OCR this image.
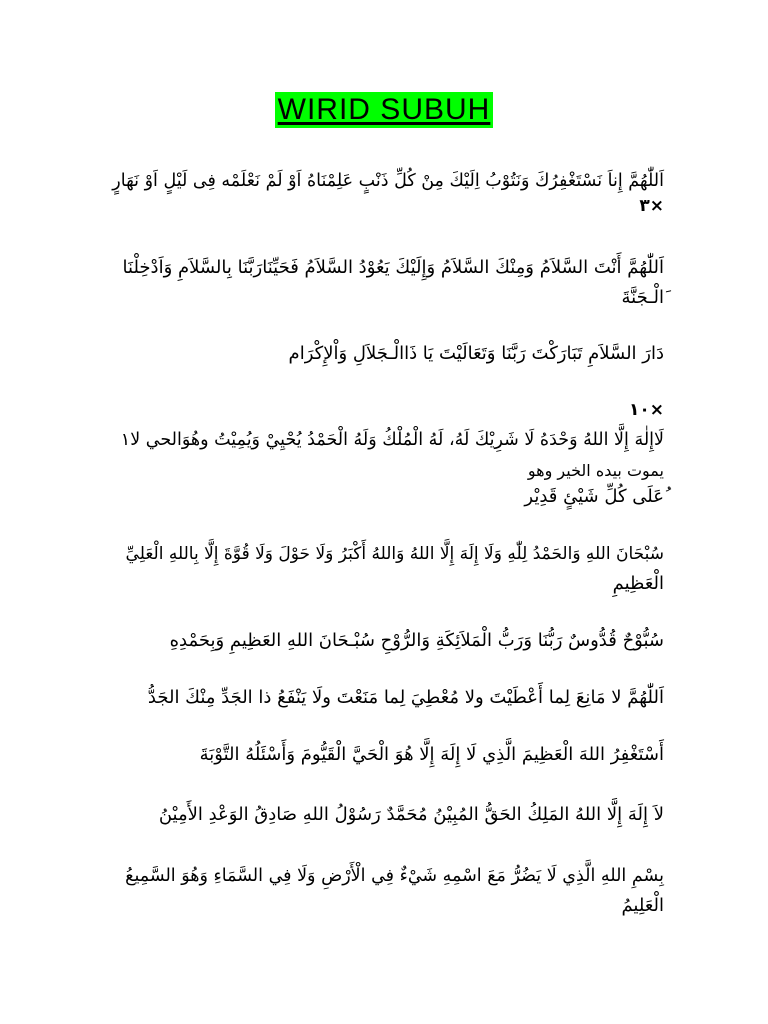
WIRID SUBUH
اَللّٰهُمَّ إِناَ نَسْتَغْفِرُكَ وَنَتُوْبُ اِلَيْكَ مِنْ كُلِّ ذَنْبٍ عَلِمْنَاهُ اَوْ لَمْ نَعْلَمْه فِى لَيْلٍ اَوْ نَهَارٍ
×٣
اَللّٰهُمَّ أَنْتَ السَّلاَمُ وَمِنْكَ السَّلاَمُ وَإِلَيْكَ يَعُوْدُ السَّلاَمُ فَحَيِّنَارَبَّنَا بِالسَّلاَمِ وَاَدْخِلْنَا
َالْـجَنَّةَ
دَارَ السَّلاَمِ تَبَارَكْتَ رَبَّنَا وَتَعَالَيْتَ يَا ذَاالْـجَلاَلِ وَاْلإِكْرَام
×١٠
لَاإِلٰهَ إِلَّا اللهُ وَحْدَهُ لَا شَرِيْكَ لَهُ، لَهُ الْمُلْكُ وَلَهُ الْحَمْدُ يُحْيِيْ وَيُمِيْتُ وهُوَالحي لا١
يموت بيده الخير وهو
ُعَلَى كُلِّ شَيْئٍ قَدِيْر
سُبْحَانَ اللهِ وَالحَمْدُ لِلّٰهِ وَلَا إِلَهَ إِلَّا اللهُ وَاللهُ أَكْبَرُ وَلَا حَوْلَ وَلَا قُوَّةَ إِلَّا بِاللهِ الْعَلِيِّ
الْعَظِيمِ
سُبُّوْحٌ قُدُّوسٌ رَبُّنَا وَرَبُّ الْمَلاَئِكَةِ وَالرُّوْحِ سُبْـحَانَ اللهِ العَظِيمِ وَبِحَمْدِهِ
اَللّٰهُمَّ لا مَانِعَ لِما أَعْطَيْتَ ولا مُعْطِيَ لِما مَنَعْتَ ولَا يَنْفَعُ ذا الجَدِّ مِنْكَ الجَدُّ
أَسْتَغْفِرُ اللهَ الْعَظِيمَ الَّذِي لَا إِلَهَ إِلَّا هُوَ الْحَيَّ الْقَيُّومَ وَأَسْئَلُهُ التَّوْبَةَ
لاَ إِلَهَ إِلَّا اللهُ المَلِكُ الحَقُّ المُبِيْنُ مُحَمَّدٌ رَسُوْلُ اللهِ صَادِقُ الوَعْدِ الأَمِيْنُ
بِسْمِ اللهِ الَّذِي لَا يَضُرُّ مَعَ اسْمِهِ شَيْءٌ فِي الْأَرْضِ وَلَا فِي السَّمَاءِ وَهُوَ السَّمِيعُ
الْعَلِيمُ
